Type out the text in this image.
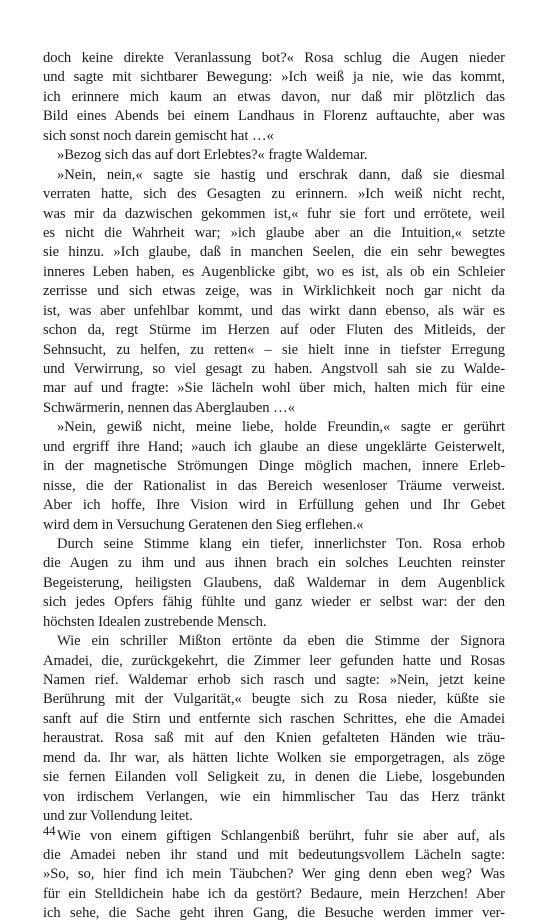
doch keine direkte Veranlassung bot?« Rosa schlug die Augen nieder
und sagte mit sichtbarer Bewegung: »Ich weiß ja nie, wie das kommt,
ich erinnere mich kaum an etwas davon, nur daß mir plötzlich das
Bild eines Abends bei einem Landhaus in Florenz auftauchte, aber was
sich sonst noch darein gemischt hat …«
»Bezog sich das auf dort Erlebtes?« fragte Waldemar.
»Nein, nein,« sagte sie hastig und erschrak dann, daß sie diesmal
verraten hatte, sich des Gesagten zu erinnern. »Ich weiß nicht recht,
was mir da dazwischen gekommen ist,« fuhr sie fort und errötete, weil
es nicht die Wahrheit war; »ich glaube aber an die Intuition,« setzte
sie hinzu. »Ich glaube, daß in manchen Seelen, die ein sehr bewegtes
inneres Leben haben, es Augenblicke gibt, wo es ist, als ob ein Schleier
zerrisse und sich etwas zeige, was in Wirklichkeit noch gar nicht da
ist, was aber unfehlbar kommt, und das wirkt dann ebenso, als wär es
schon da, regt Stürme im Herzen auf oder Fluten des Mitleids, der
Sehnsucht, zu helfen, zu retten« – sie hielt inne in tiefster Erregung
und Verwirrung, so viel gesagt zu haben. Angstvoll sah sie zu Walde-
mar auf und fragte: »Sie lächeln wohl über mich, halten mich für eine
Schwärmerin, nennen das Aberglauben …«
»Nein, gewiß nicht, meine liebe, holde Freundin,« sagte er gerührt
und ergriff ihre Hand; »auch ich glaube an diese ungeklärte Geisterwelt,
in der magnetische Strömungen Dinge möglich machen, innere Erleb-
nisse, die der Rationalist in das Bereich wesenloser Träume verweist.
Aber ich hoffe, Ihre Vision wird in Erfüllung gehen und Ihr Gebet
wird dem in Versuchung Geratenen den Sieg erflehen.«
Durch seine Stimme klang ein tiefer, innerlichster Ton. Rosa erhob
die Augen zu ihm und aus ihnen brach ein solches Leuchten reinster
Begeisterung, heiligsten Glaubens, daß Waldemar in dem Augenblick
sich jedes Opfers fähig fühlte und ganz wieder er selbst war: der den
höchsten Idealen zustrebende Mensch.
Wie ein schriller Mißton ertönte da eben die Stimme der Signora
Amadei, die, zurückgekehrt, die Zimmer leer gefunden hatte und Rosas
Namen rief. Waldemar erhob sich rasch und sagte: »Nein, jetzt keine
Berührung mit der Vulgarität,« beugte sich zu Rosa nieder, küßte sie
sanft auf die Stirn und entfernte sich raschen Schrittes, ehe die Amadei
heraustrat. Rosa saß mit auf den Knien gefalteten Händen wie träu-
mend da. Ihr war, als hätten lichte Wolken sie emporgetragen, als zöge
sie fernen Eilanden voll Seligkeit zu, in denen die Liebe, losgebunden
von irdischem Verlangen, wie ein himmlischer Tau das Herz tränkt
und zur Vollendung leitet.
Wie von einem giftigen Schlangenbiß berührt, fuhr sie aber auf, als
die Amadei neben ihr stand und mit bedeutungsvollem Lächeln sagte:
»So, so, hier find ich mein Täubchen? Wer ging denn eben weg? Was
für ein Stelldichein habe ich da gestört? Bedaure, mein Herzchen! Aber
ich sehe, die Sache geht ihren Gang, die Besuche werden immer ver-
44
